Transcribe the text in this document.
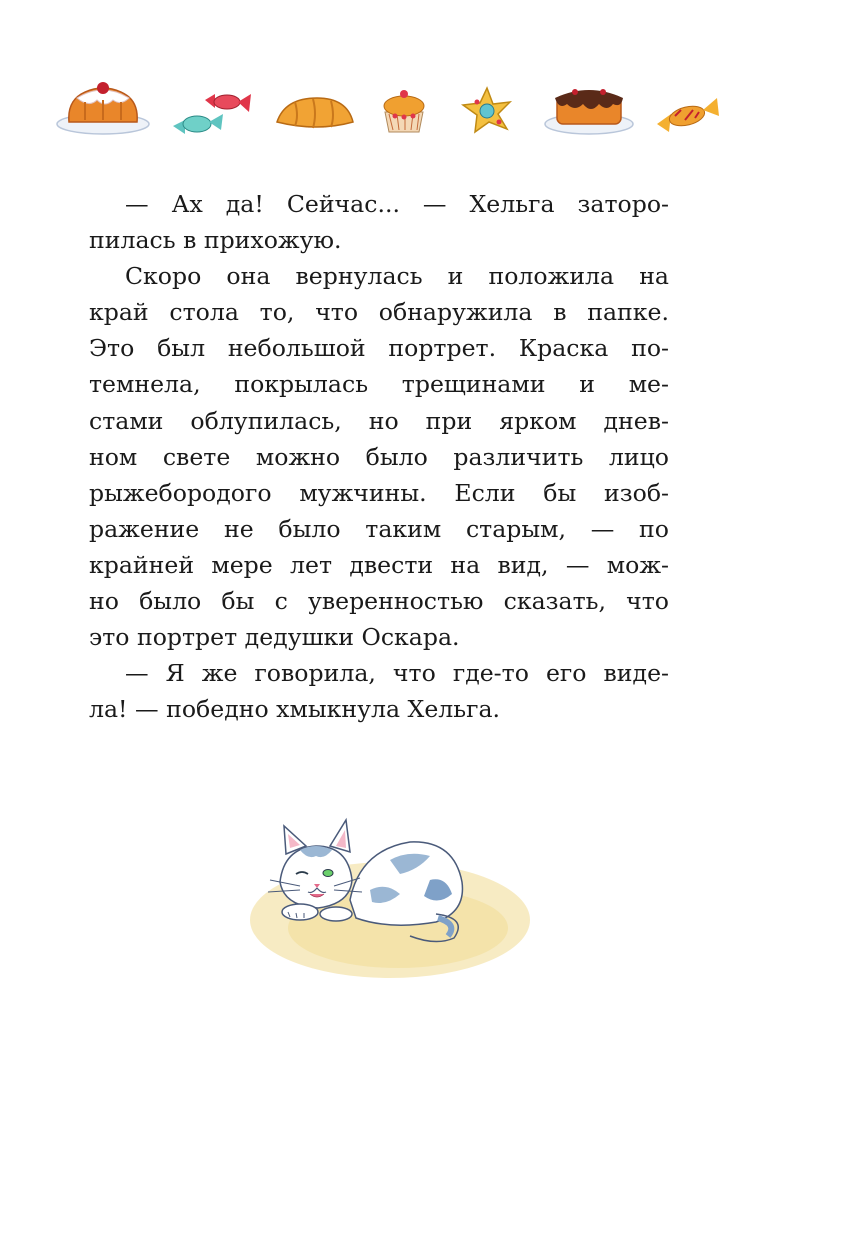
— Ах да! Сейчас... — Хельга заторо-
пилась в прихожую.
Скоро она вернулась и положила на
край стола то, что обнаружила в папке.
Это был небольшой портрет. Краска по-
темнела, покрылась трещинами и ме-
стами облупилась, но при ярком днев-
ном свете можно было различить лицо
рыжебородого мужчины. Если бы изоб-
ражение не было таким старым, — по
крайней мере лет двести на вид, — мож-
но было бы с уверенностью сказать, что
это портрет дедушки Оскара.
— Я же говорила, что где-то его виде-
ла! — победно хмыкнула Хельга.
